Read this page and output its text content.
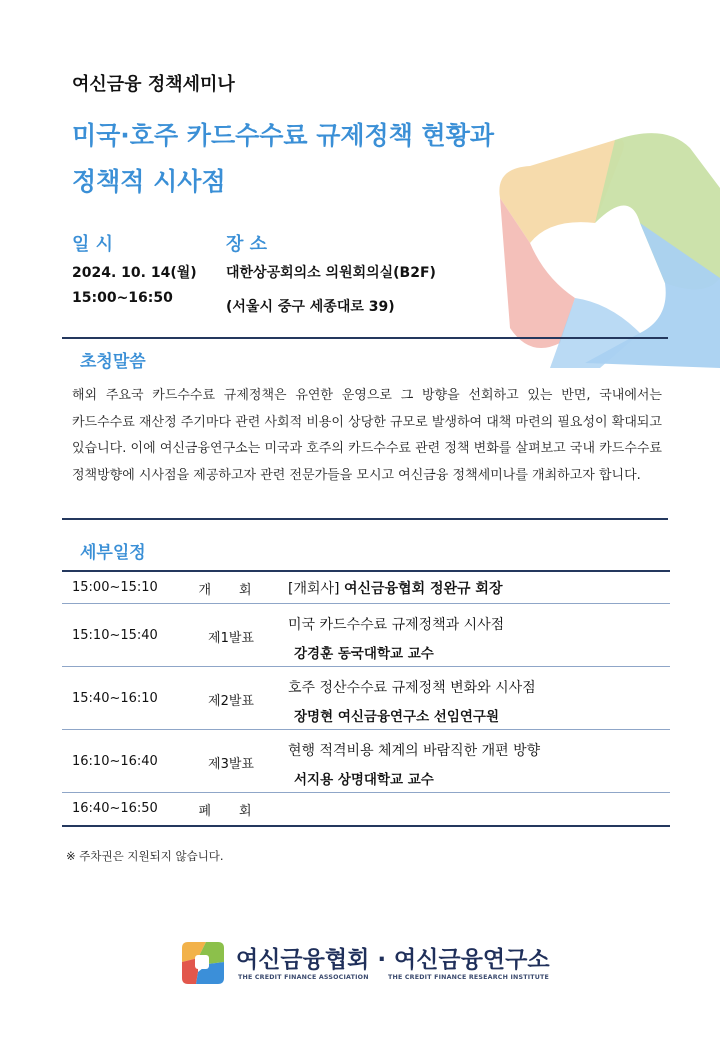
여신금융 정책세미나
미국·호주 카드수수료 규제정책 현황과
정책적 시사점
일 시
2024. 10. 14(월)
15:00~16:50
장 소
대한상공회의소 의원회의실(B2F)
(서울시 중구 세종대로 39)
초청말씀
해외 주요국 카드수수료 규제정책은 유연한 운영으로 그 방향을 선회하고 있는 반면, 국내에서는 카드수수료 재산정 주기마다 관련 사회적 비용이 상당한 규모로 발생하여 대책 마련의 필요성이 확대되고 있습니다. 이에 여신금융연구소는 미국과 호주의 카드수수료 관련 정책 변화를 살펴보고 국내 카드수수료 정책방향에 시사점을 제공하고자 관련 전문가들을 모시고 여신금융 정책세미나를 개최하고자 합니다.
세부일정
15:00~15:10	개회 [개회사] 여신금융협회 정완규 회장
15:10~15:40	제1발표
미국 카드수수료 규제정책과 시사점
강경훈 동국대학교 교수
15:40~16:10	제2발표
호주 정산수수료 규제정책 변화와 시사점
장명현 여신금융연구소 선임연구원
16:10~16:40	제3발표
현행 적격비용 체계의 바람직한 개편 방향
서지용 상명대학교 교수
16:40~16:50	폐회
※ 주차권은 지원되지 않습니다.
여신금융협회 · 여신금융연구소
THE CREDIT FINANCE ASSOCIATION	THE CREDIT FINANCE RESEARCH INSTITUTE
